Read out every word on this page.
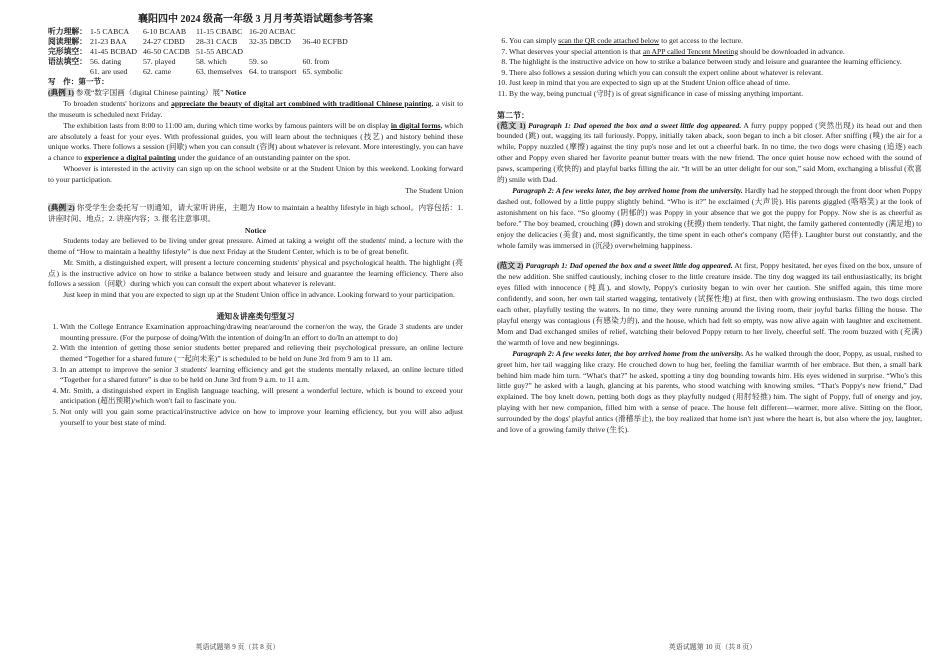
襄阳四中 2024 级高一年级 3 月月考英语试题参考答案
听力理解：	1-5 CABCA	6-10 BCAAB	11-15 CBABC	16-20 ACBAC	
阅读理解：	21-23 BAA	24-27 CDBD	28-31 CACB	32-35 DBCD	36-40 ECFBD
完形填空：	41-45 BCBAD	46-50 CACDB	51-55 ABCAD		
语法填空：	56. dating	57. played	58. which	59. so	60. from
	61. are used	62. came	63. themselves	64. to transport	65. symbolic

写　作：第一节：

(典例 1) 参观“数字国画（digital Chinese painting）展” Notice

To broaden students' horizons and appreciate the beauty of digital art combined with traditional Chinese painting, a visit to the museum is scheduled next Friday.

The exhibition lasts from 8:00 to 11:00 am, during which time works by famous painters will be on display in digital forms, which are absolutely a feast for your eyes. With professional guides, you will learn about the techniques (技艺) and history behind these unique works. There follows a session (问歇) when you can consult (咨询) about whatever is relevant. More interestingly, you can have a chance to experience a digital painting under the guidance of an outstanding painter on the spot.

Whoever is interested in the activity can sign up on the school website or at the Student Union by this weekend. Looking forward to your participation.

The Student Union

(典例 2) 你受学生会委托写一则通知，请大家听讲座，主题为 How to maintain a healthy lifestyle in high school。内容包括：1. 讲座时间、地点；2. 讲座内容；3. 报名注意事项。

Notice

Students today are believed to be living under great pressure. Aimed at taking a weight off the students' mind, a lecture with the theme of “How to maintain a healthy lifestyle” is due next Friday at the Student Center, which is to be of great benefit.

Mr. Smith, a distinguished expert, will present a lecture concerning students' physical and psychological health. The highlight (亮点) is the instructive advice on how to strike a balance between study and leisure and guarantee the learning efficiency. There also follows a session（问歇）during which you can consult the expert about whatever is relevant.

Just keep in mind that you are expected to sign up at the Student Union office in advance. Looking forward to your participation.

通知＆讲座类句型复习

1. With the College Entrance Examination approaching/drawing near/around the corner/on the way, the Grade 3 students are under mounting pressure. (For the purpose of doing/With the intention of doing/In an effort to do/In an attempt to do)
2. With the intention of getting those senior students better prepared and relieving their psychological pressure, an online lecture themed “Together for a shared future (一起向未来)” is scheduled to be held on June 3rd from 9 am to 11 am.
3. In an attempt to improve the senior 3 students' learning efficiency and get the students mentally relaxed, an online lecture titled “Together for a shared future” is due to be held on June 3rd from 9 a.m. to 11 a.m.
4. Mr. Smith, a distinguished expert in English language teaching, will present a wonderful lecture, which is bound to exceed your anticipation (超出预期)/which won't fail to fascinate you.
5. Not only will you gain some practical/instructive advice on how to improve your learning efficiency, but you will also adjust yourself to your best state of mind.
英语试题第 9 页（共 8 页）
6. You can simply scan the QR code attached below to get access to the lecture.
7. What deserves your special attention is that an APP called Tencent Meeting should be downloaded in advance.
8. The highlight is the instructive advice on how to strike a balance between study and leisure and guarantee the learning efficiency.
9. There also follows a session during which you can consult the expert online about whatever is relevant.
10. Just keep in mind that you are expected to sign up at the Student Union office ahead of time.
11. By the way, being punctual (守时) is of great significance in case of missing anything important.

第二节：

(范文 1) Paragraph 1: Dad opened the box and a sweet little dog appeared. A furry puppy popped (突然出现) its head out and then bounded (跳) out, wagging its tail furiously. Poppy, initially taken aback, soon began to inch a bit closer. After sniffing (嗅) the air for a while, Poppy nuzzled (摩擦) against the tiny pup's nose and let out a cheerful bark. In no time, the two dogs were chasing (追逐) each other and Poppy even shared her favorite peanut butter treats with the new friend. The once quiet house now echoed with the sound of paws, scampering (欢快的) and playful barks filling the air. “It will be an utter delight for our son,” said Mom, exchanging a blissful (欢喜的) smile with Dad.

Paragraph 2: A few weeks later, the boy arrived home from the university. Hardly had he stepped through the front door when Poppy dashed out, followed by a little puppy slightly behind. “Who is it?” he exclaimed (大声说). His parents giggled (咯咯笑) at the look of astonishment on his face. “So gloomy (阴郁的) was Poppy in your absence that we got the puppy for Poppy. Now she is as cheerful as before.” The boy beamed, crouching (蹲) down and stroking (抚摸) them tenderly. That night, the family gathered contentedly (满足地) to enjoy the delicacies (美食) and, most significantly, the time spent in each other's company (陪伴). Laughter burst out constantly, and the whole family was immersed in (沉浸) overwhelming happiness.

(范文 2) Paragraph 1: Dad opened the box and a sweet little dog appeared. At first, Poppy hesitated, her eyes fixed on the box, unsure of the new addition. She sniffed cautiously, inching closer to the little creature inside. The tiny dog wagged its tail enthusiastically, its bright eyes filled with innocence (纯真), and slowly, Poppy's curiosity began to win over her caution. She sniffed again, this time more confidently, and soon, her own tail started wagging, tentatively (试探性地) at first, then with growing enthusiasm. The two dogs circled each other, playfully testing the waters. In no time, they were running around the living room, their joyful barks filling the house. The playful energy was contagious (有感染力的), and the house, which had felt so empty, was now alive again with laughter and excitement. Mom and Dad exchanged smiles of relief, watching their beloved Poppy return to her lively, cheerful self. The room buzzed with (充满) the warmth of love and new beginnings.

Paragraph 2: A few weeks later, the boy arrived home from the university. As he walked through the door, Poppy, as usual, rushed to greet him, her tail wagging like crazy. He crouched down to hug her, feeling the familiar warmth of her embrace. But then, a small bark behind him made him turn. “What's that?” he asked, spotting a tiny dog bounding towards him. His eyes widened in surprise. “Who's this little guy?” he asked with a laugh, glancing at his parents, who stood watching with knowing smiles. “That's Poppy's new friend,” Dad explained. The boy knelt down, petting both dogs as they playfully nudged (用肘轻推) him. The sight of Poppy, full of energy and joy, playing with her new companion, filled him with a sense of peace. The house felt different—warmer, more alive. Sitting on the floor, surrounded by the dogs' playful antics (滑稽举止), the boy realized that home isn't just where the heart is, but also where the joy, laughter, and love of a growing family thrive (生长).

英语试题第 10 页（共 8 页）
